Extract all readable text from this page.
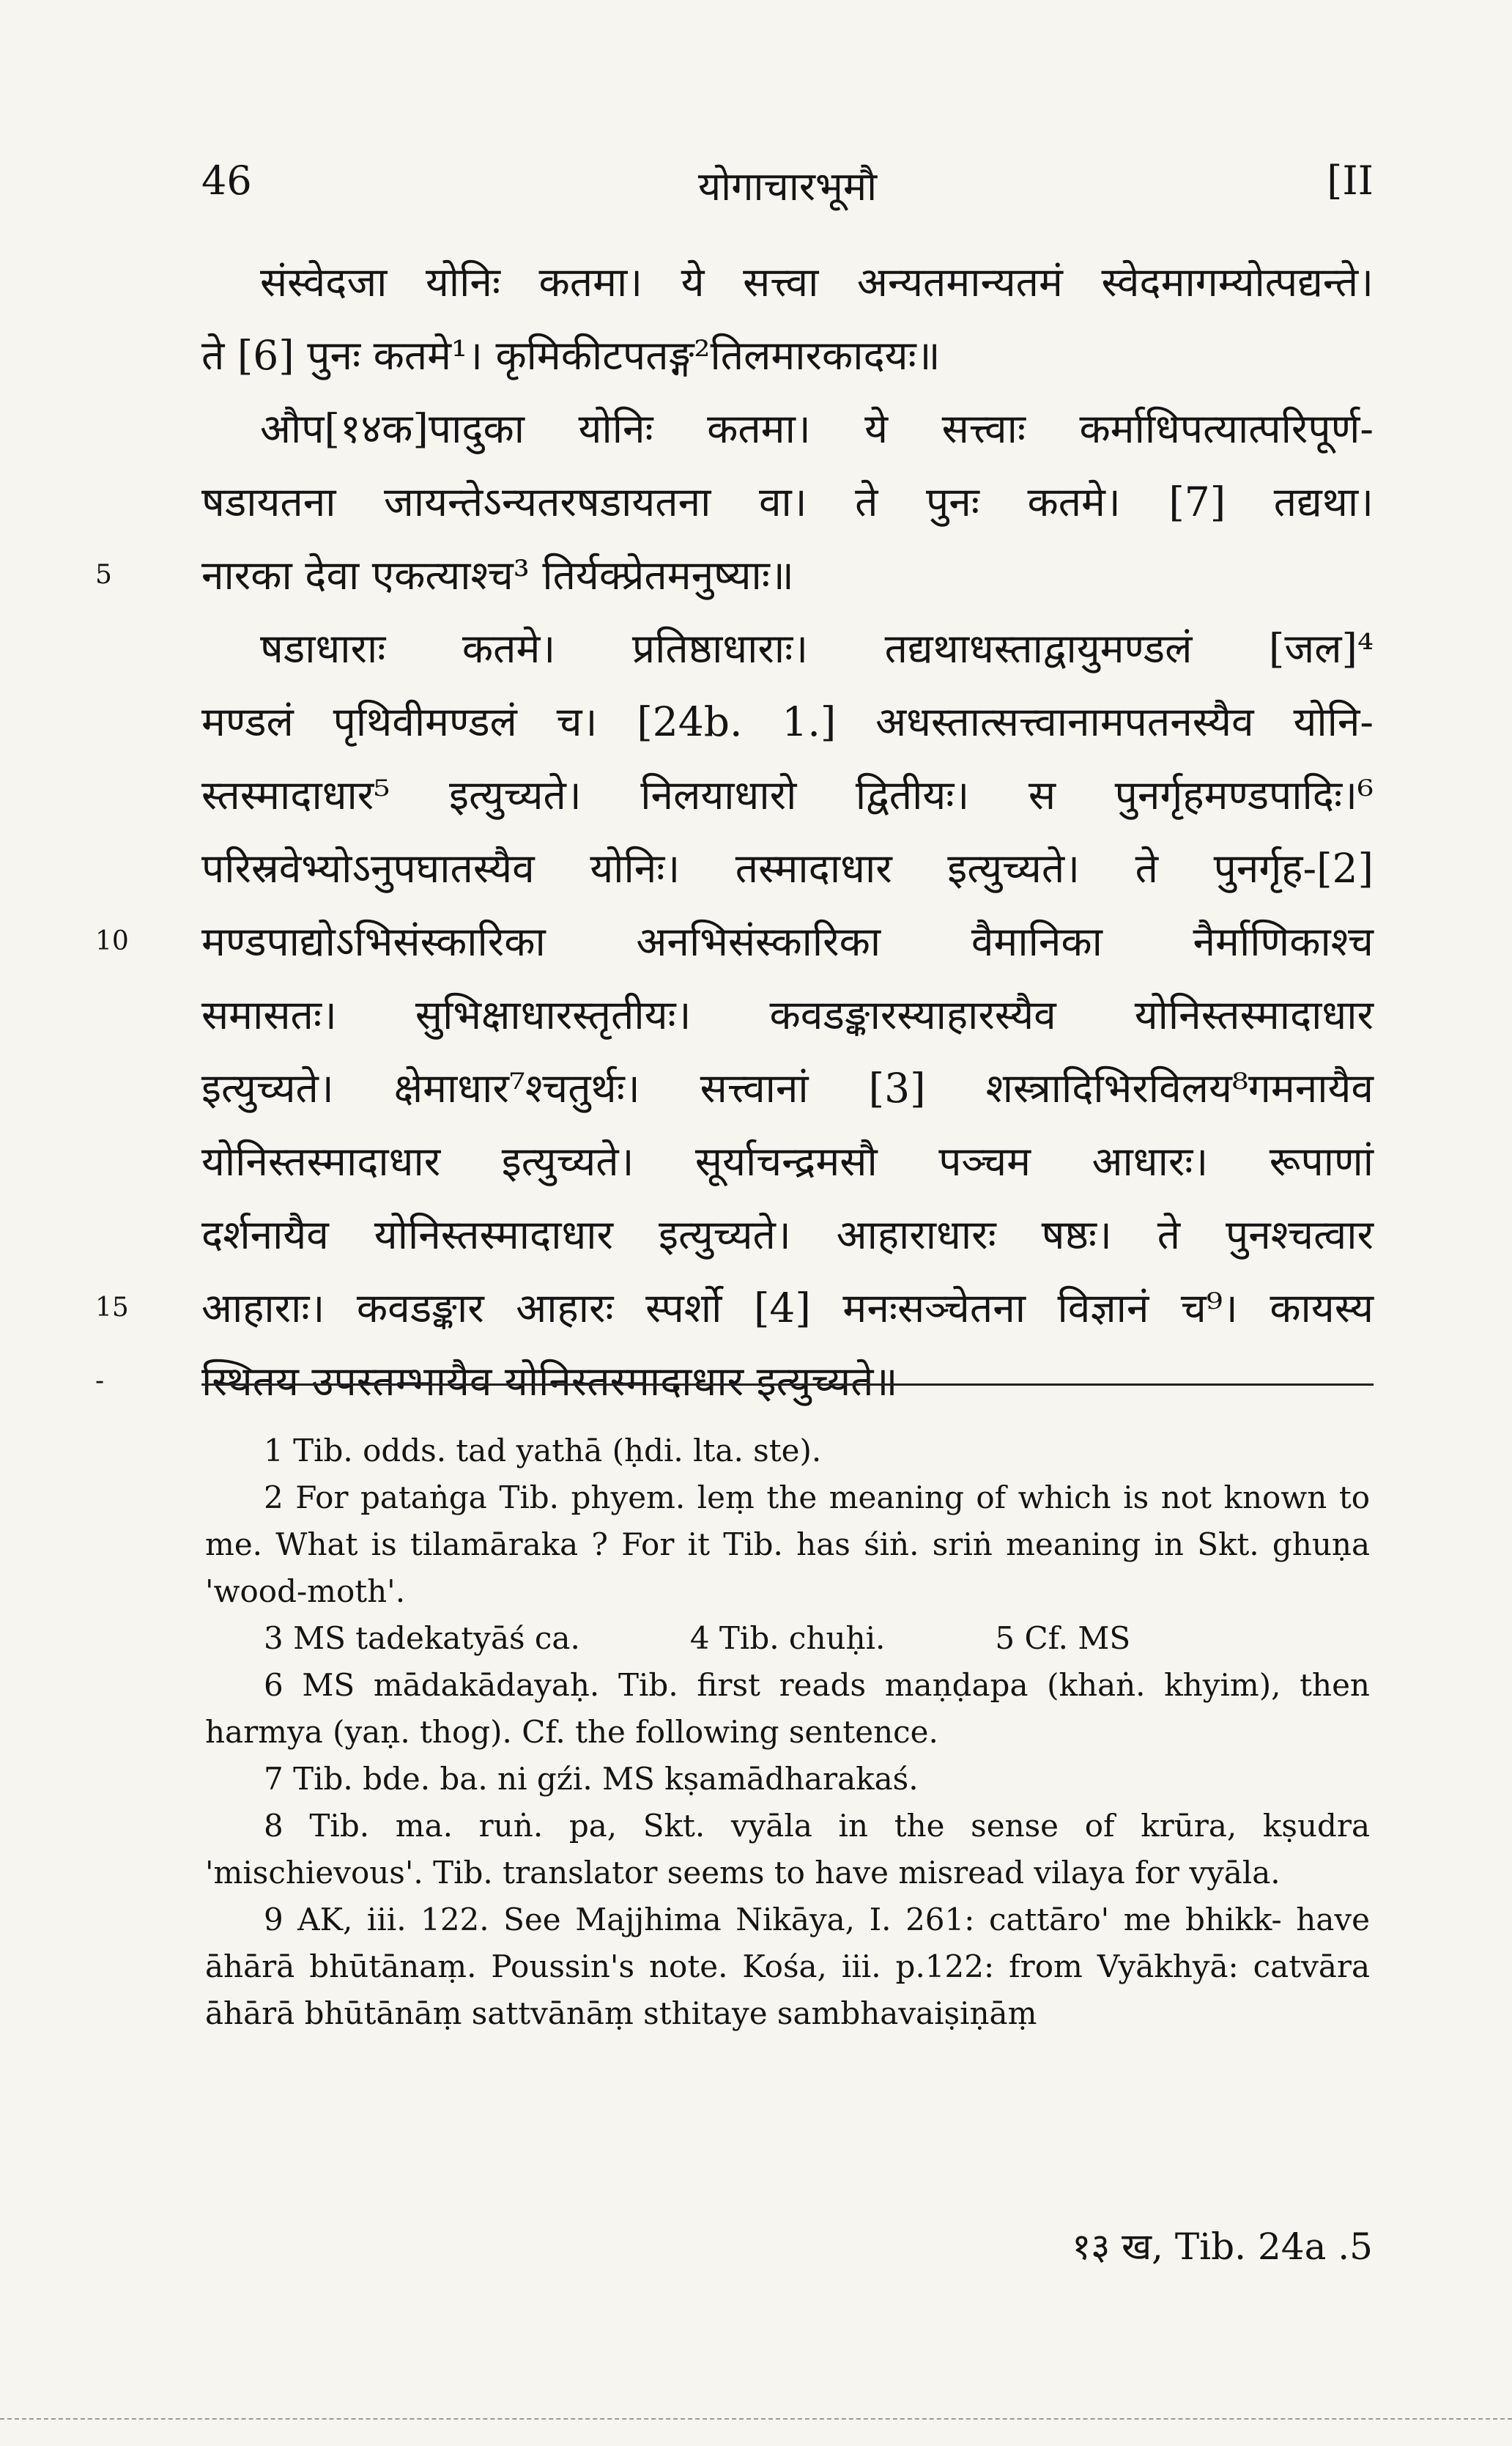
46	योगाचारभूमौ	[II
संस्वेदजा योनिः कतमा। ये सत्त्वा अन्यतमान्यतमं स्वेदमागम्योत्पद्यन्ते।
ते [6] पुनः कतमे¹। कृमिकीटपतङ्ग²तिलमारकादयः॥
औप[१४क]पादुका योनिः कतमा। ये सत्त्वाः कर्माधिपत्यात्परिपूर्ण-
षडायतना जायन्तेऽन्यतरषडायतना वा। ते पुनः कतमे। [7] तद्यथा।
5 नारका देवा एकत्याश्च³ तिर्यक्प्रेतमनुष्याः॥
षडाधाराः कतमे। प्रतिष्ठाधाराः। तद्यथाधस्ताद्वायुमण्डलं [जल]⁴
मण्डलं पृथिवीमण्डलं च। [24b. 1.] अधस्तात्सत्त्वानामपतनस्यैव योनि-
स्तस्मादाधार⁵ इत्युच्यते। निलयाधारो द्वितीयः। स पुनर्गृहमण्डपादिः।⁶
परिस्रवेभ्योऽनुपघातस्यैव योनिः। तस्मादाधार इत्युच्यते। ते पुनर्गृह-[2]
10 मण्डपाद्योऽभिसंस्कारिका अनभिसंस्कारिका वैमानिका नैर्माणिकाश्च
समासतः। सुभिक्षाधारस्तृतीयः। कवडङ्कारस्याहारस्यैव योनिस्तस्मादाधार
इत्युच्यते। क्षेमाधार⁷श्चतुर्थः। सत्त्वानां [3] शस्त्रादिभिरविलय⁸गमनायैव
योनिस्तस्मादाधार इत्युच्यते। सूर्याचन्द्रमसौ पञ्चम आधारः। रूपाणां
दर्शनायैव योनिस्तस्मादाधार इत्युच्यते। आहाराधारः षष्ठः। ते पुनश्चत्वार
15 आहाराः। कवडङ्कार आहारः स्पर्शो [4] मनःसञ्चेतना विज्ञानं च⁹। कायस्य
- स्थितय उपस्तम्भायैव योनिस्तस्मादाधार इत्युच्यते॥

1 Tib. odds. tad yathā (ḥdi. lta. ste).

2 For pataṅga Tib. phyem. leṃ the meaning of which is not known to me. What is tilamāraka ? For it Tib. has śiṅ. sriṅ meaning in Skt. ghuṇa 'wood-moth'.

3 MS tadekatyāś ca.	4 Tib. chuḥi.	5 Cf. MS

6 MS mādakādayaḥ. Tib. first reads maṇḍapa (khaṅ. khyim), then harmya (yaṇ. thog). Cf. the following sentence.

7 Tib. bde. ba. ni gźi. MS kṣamādharakaś.

8 Tib. ma. ruṅ. pa, Skt. vyāla in the sense of krūra, kṣudra 'mischievous'. Tib. translator seems to have misread vilaya for vyāla.

9 AK, iii. 122. See Majjhima Nikāya, I. 261: cattāro' me bhikk- have āhārā bhūtānaṃ. Poussin's note. Kośa, iii. p.122: from Vyākhyā: catvāra āhārā bhūtānāṃ sattvānāṃ sthitaye sambhavaiṣiṇāṃ

१३ ख, Tib. 24a .5
